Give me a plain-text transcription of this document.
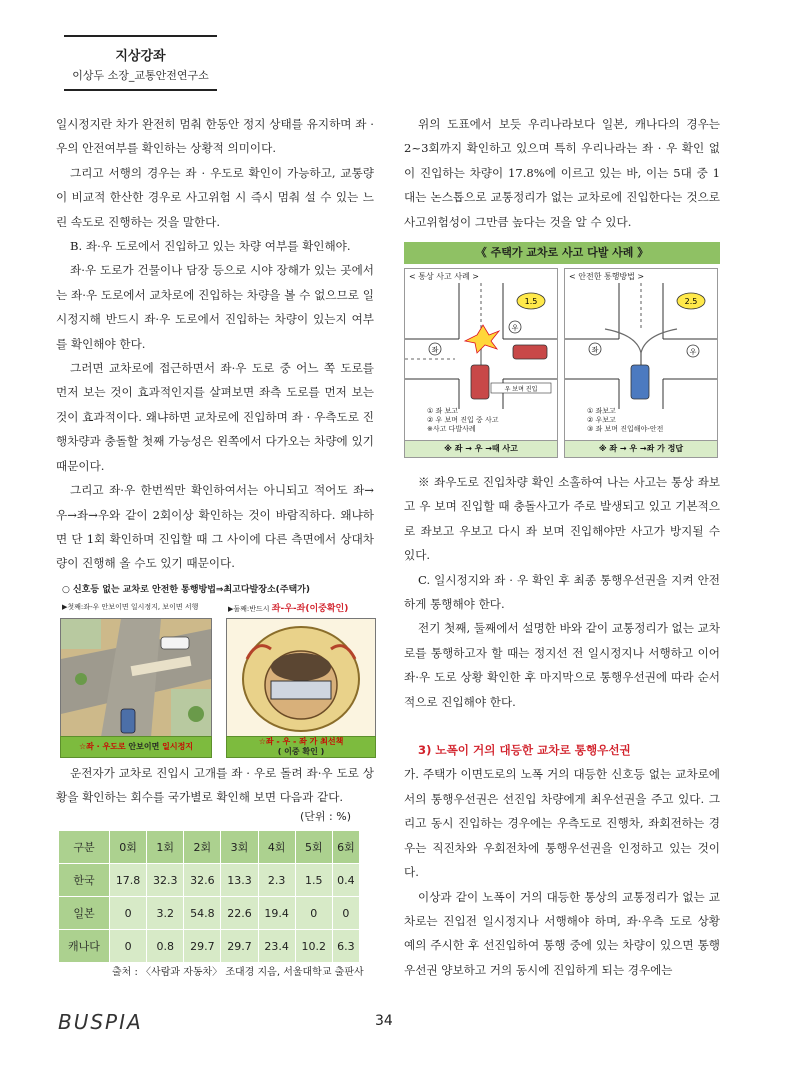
지상강좌
이상두 소장_교통안전연구소

일시정지란 차가 완전히 멈춰 한동안 정지 상태를 유지하며 좌 · 우의 안전여부를 확인하는 상황적 의미이다.

그리고 서행의 경우는 좌 · 우도로 확인이 가능하고, 교통량이 비교적 한산한 경우로 사고위험 시 즉시 멈춰 설 수 있는 느린 속도로 진행하는 것을 말한다.

B. 좌·우 도로에서 진입하고 있는 차량 여부를 확인해야.

좌·우 도로가 건물이나 담장 등으로 시야 장해가 있는 곳에서는 좌·우 도로에서 교차로에 진입하는 차량을 볼 수 없으므로 일시정지해 반드시 좌·우 도로에서 진입하는 차량이 있는지 여부를 확인해야 한다.

그러면 교차로에 접근하면서 좌·우 도로 중 어느 쪽 도로를 먼저 보는 것이 효과적인지를 살펴보면 좌측 도로를 먼저 보는 것이 효과적이다. 왜냐하면 교차로에 진입하며 좌 · 우측도로 진행차량과 충돌할 첫째 가능성은 왼쪽에서 다가오는 차량에 있기 때문이다.

그리고 좌·우 한번씩만 확인하여서는 아니되고 적어도 좌→우→좌→우와 같이 2회이상 확인하는 것이 바람직하다. 왜냐하면 단 1회 확인하며 진입할 때 그 사이에 다른 측면에서 상대차량이 진행해 올 수도 있기 때문이다.

○ 신호등 없는 교차로 안전한 통행방법⇒최고다발장소(주택가)
▶첫째:좌-우 안보이면 일시정지, 보이면 서행	▶둘째:반드시 좌-우-좌(이중확인)
☆좌 · 우도로 안보이면 일시정지
☆좌 - 우 - 좌 가 최선책
( 이중 확인 )

운전자가 교차로 진입시 고개를 좌 · 우로 돌려 좌·우 도로 상황을 확인하는 회수를 국가별로 확인해 보면 다음과 같다.

(단위 : %)
구분	0회	1회	2회	3회	4회	5회	6회
한국	17.8	32.3	32.6	13.3	2.3	1.5	0.4
일본	0	3.2	54.8	22.6	19.4	0	0
캐나다	0	0.8	29.7	29.7	23.4	10.2	6.3
출처 : 〈사람과 자동차〉 조대경 지음, 서울대학교 출판사

위의 도표에서 보듯 우리나라보다 일본, 캐나다의 경우는 2~3회까지 확인하고 있으며 특히 우리나라는 좌 · 우 확인 없이 진입하는 차량이 17.8%에 이르고 있는 바, 이는 5대 중 1대는 논스톱으로 교통정리가 없는 교차로에 진입한다는 것으로 사고위험성이 그만큼 높다는 것을 알 수 있다.

《 주택가 교차로 사고 다발 사례 》
< 통상 사고 사례 >
1.5
좌
우
우 보며 진입
① 좌 보고
② 우 보며 진입 중 사고
※사고 다발사례
※ 좌 → 우 →때 사고
< 안전한 통행방법 >
2.5
좌	우
① 좌보고
② 우보고
③ 좌 보며 진입해야-안전
※ 좌 → 우 →좌 가 정답

※ 좌우도로 진입차량 확인 소홀하여 나는 사고는 통상 좌보고 우 보며 진입할 때 충돌사고가 주로 발생되고 있고 기본적으로 좌보고 우보고 다시 좌 보며 진입해야만 사고가 방지될 수 있다.

C. 일시정지와 좌 · 우 확인 후 최종 통행우선권을 지켜 안전하게 통행해야 한다.

전기 첫째, 둘째에서 설명한 바와 같이 교통정리가 없는 교차로를 통행하고자 할 때는 정지선 전 일시정지나 서행하고 이어 좌·우 도로 상황 확인한 후 마지막으로 통행우선권에 따라 순서적으로 진입해야 한다.

3) 노폭이 거의 대등한 교차로 통행우선권

가. 주택가 이면도로의 노폭 거의 대등한 신호등 없는 교차로에서의 통행우선권은 선진입 차량에게 최우선권을 주고 있다. 그리고 동시 진입하는 경우에는 우측도로 진행차, 좌회전하는 경우는 직진차와 우회전차에 통행우선권을 인정하고 있는 것이다.

이상과 같이 노폭이 거의 대등한 통상의 교통정리가 없는 교차로는 진입전 일시정지나 서행해야 하며, 좌·우측 도로 상황 예의 주시한 후 선진입하여 통행 중에 있는 차량이 있으면 통행우선권 양보하고 거의 동시에 진입하게 되는 경우에는

BUSPIA	34
